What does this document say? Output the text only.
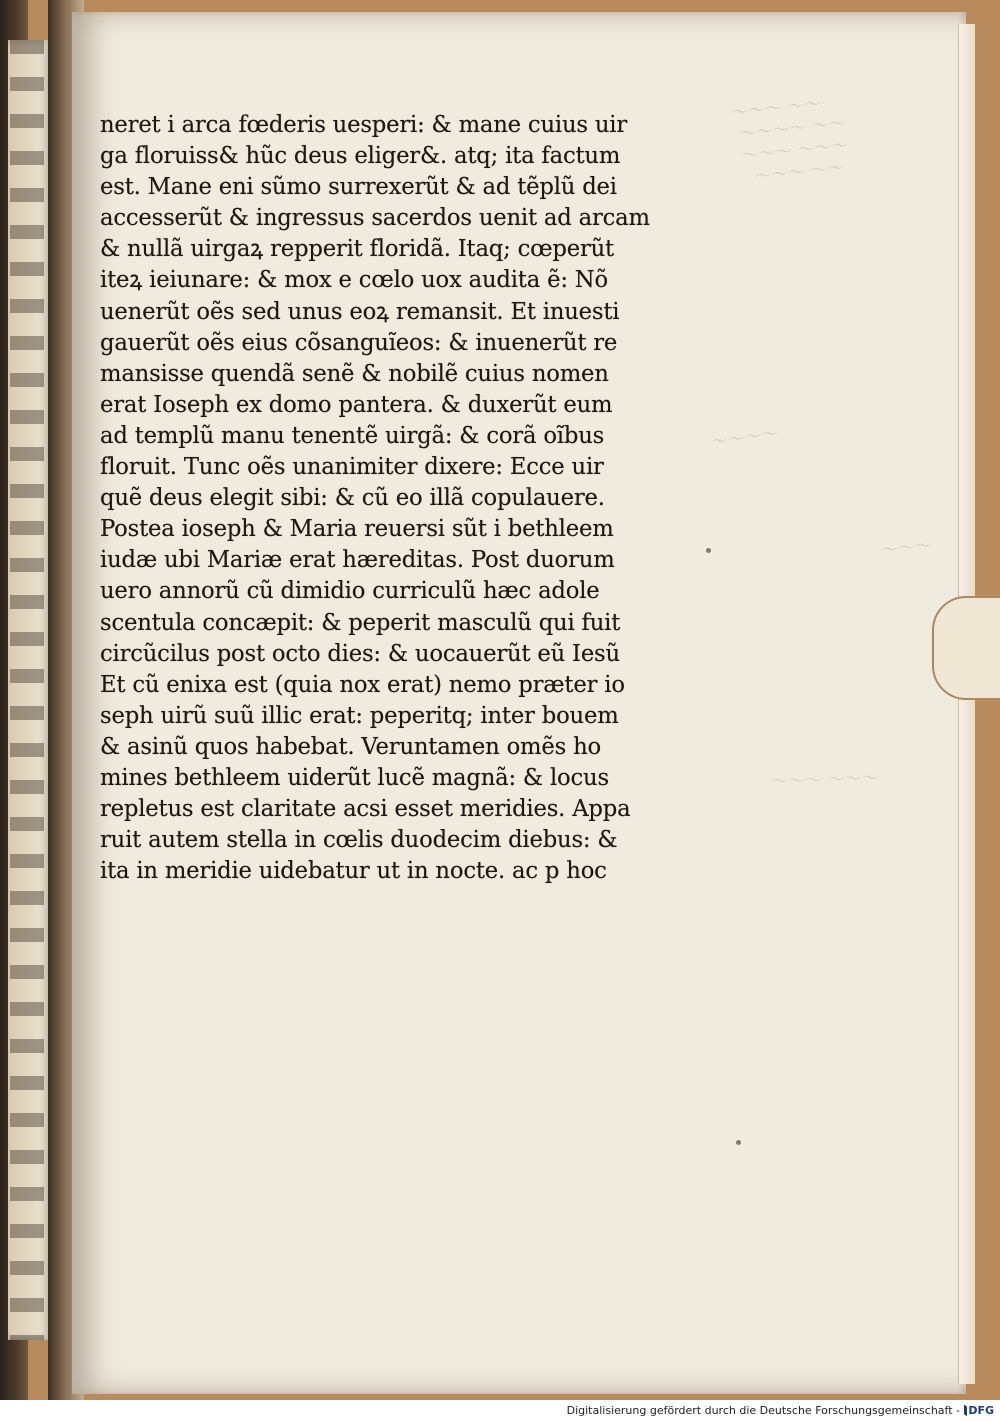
～～～ ～～
～～～～ ～～
～～～ ～～～
～～～ ～～
～～～～
～～～
～～～ ～～～
neret i arca fœderis uesperi: & mane cuius uir
ga floruiss& hũc deus eliger&. atq; ita factum
est. Mane eni sũmo surrexerũt & ad tẽplũ dei
accesserũt & ingressus sacerdos uenit ad arcam
& nullã uirgaꝝ repperit floridã. Itaq; cœperũt
iteꝝ ieiunare: & mox e cœlo uox audita ẽ: Nõ
uenerũt oẽs sed unus eoꝝ remansit. Et inuesti
gauerũt oẽs eius cõsanguĩeos: & inuenerũt re
mansisse quendã senẽ & nobilẽ cuius nomen
erat Ioseph ex domo pantera. & duxerũt eum
ad templũ manu tenentẽ uirgã: & corã oĩbus
floruit. Tunc oẽs unanimiter dixere: Ecce uir
quẽ deus elegit sibi: & cũ eo illã copulauere.
Postea ioseph & Maria reuersi sũt i bethleem
iudæ ubi Mariæ erat hæreditas. Post duorum
uero annorũ cũ dimidio curriculũ hæc adole
scentula concæpit: & peperit masculũ qui fuit
circũcilus post octo dies: & uocauerũt eũ Iesũ
Et cũ enixa est (quia nox erat) nemo præter io
seph uirũ suũ illic erat: peperitq; inter bouem
& asinũ quos habebat. Veruntamen omẽs ho
mines bethleem uiderũt lucẽ magnã: & locus
repletus est claritate acsi esset meridies. Appa
ruit autem stella in cœlis duodecim diebus: &
ita in meridie uidebatur ut in nocte. ac p hoc
Digitalisierung gefördert durch die Deutsche Forschungsgemeinschaft - DFG
